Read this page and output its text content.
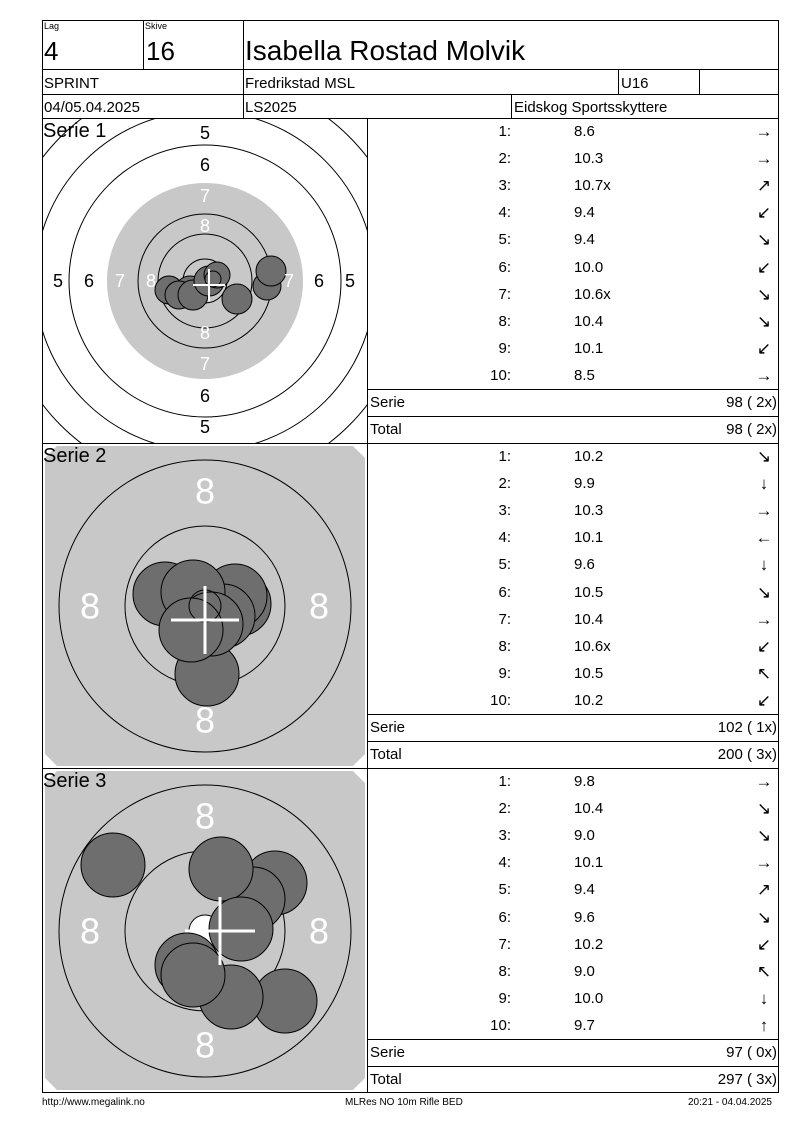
Lag
4
Skive
16	Isabella Rostad Molvik
SPRINT	Fredrikstad MSL	U16
04/05.04.2025	LS2025	Eidskog Sportsskyttere
5
6
7
8
8
7
6
5
5 6 7 8	7 6 5
Serie 1
8
8
8	8
Serie 2
8
8
8	8
Serie 3
1:	8.6	→
2:	10.3	→
3:	10.7x	↗
4:	9.4	↙
5:	9.4	↘
6:	10.0	↙
7:	10.6x	↘
8:	10.4	↘
9:	10.1	↙
10:	8.5	→
Serie	98 ( 2x)
Total	98 ( 2x)
1:	10.2	↘
2:	9.9	↓
3:	10.3	→
4:	10.1	←
5:	9.6	↓
6:	10.5	↘
7:	10.4	→
8:	10.6x	↙
9:	10.5	↖
10:	10.2	↙
Serie	102 ( 1x)
Total	200 ( 3x)
1:	9.8	→
2:	10.4	↘
3:	9.0	↘
4:	10.1	→
5:	9.4	↗
6:	9.6	↘
7:	10.2	↙
8:	9.0	↖
9:	10.0	↓
10:	9.7	↑
Serie	97 ( 0x)
Total	297 ( 3x)
http://www.megalink.no	MLRes NO 10m Rifle BED	20:21 - 04.04.2025
